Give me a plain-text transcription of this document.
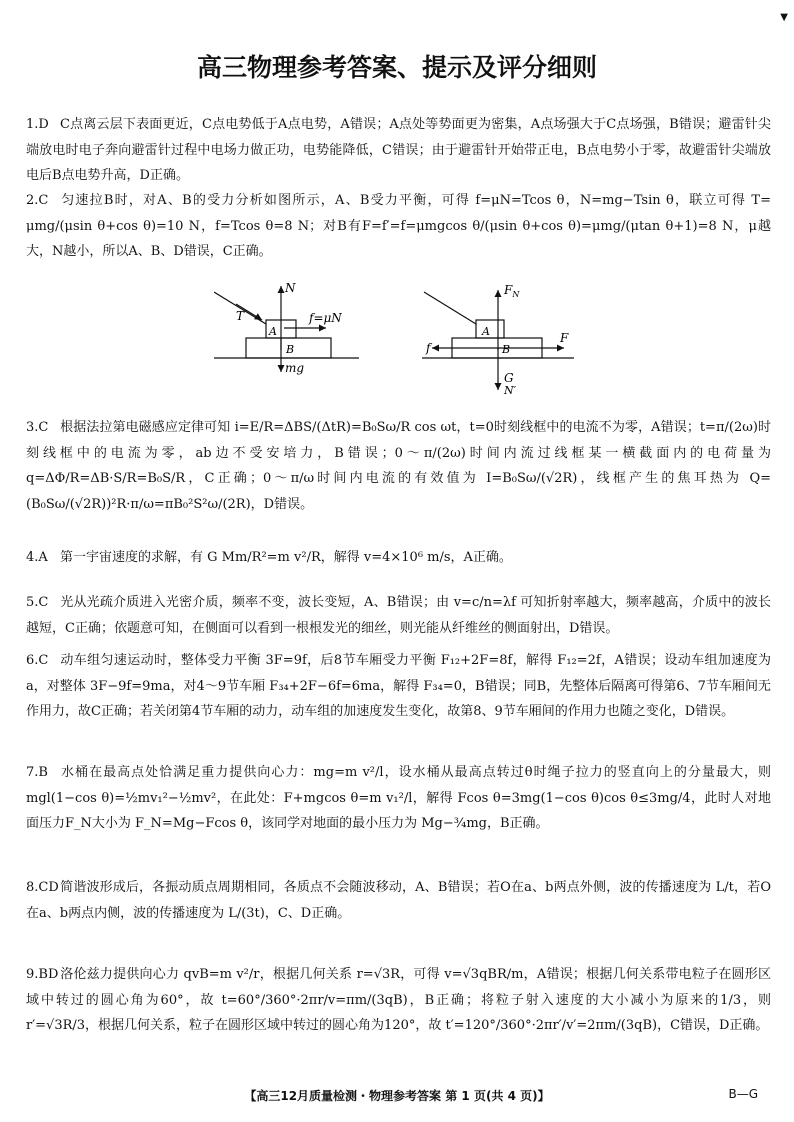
▼
高三物理参考答案、提示及评分细则

1.D C点离云层下表面更近，C点电势低于A点电势，A错误；A点处等势面更为密集，A点场强大于C点场强，B错误；避雷针尖端放电时电子奔向避雷针过程中电场力做正功，电势能降低，C错误；由于避雷针开始带正电，B点电势小于零，故避雷针尖端放电后B点电势升高，D正确。

2.C 匀速拉B时，对A、B的受力分析如图所示，A、B受力平衡，可得 f=μN=Tcos θ，N=mg−Tsin θ，联立可得 T= μmg/(μsin θ+cos θ)=10 N，f=Tcos θ=8 N；对B有F=f′=f=μmgcos θ/(μsin θ+cos θ)=μmg/(μtan θ+1)=8 N，μ越大，N越小，所以A、B、D错误，C正确。

T
N
f=μN
A
B
mg
$F_N$
A
B
f
F
G
N′

3.C 根据法拉第电磁感应定律可知 i=E/R=ΔBS/(ΔtR)=B₀Sω/R cos ωt，t=0时刻线框中的电流不为零，A错误；t=π/(2ω)时刻线框中的电流为零，ab边不受安培力，B错误；0～π/(2ω)时间内流过线框某一横截面内的电荷量为 q=ΔΦ/R=ΔB·S/R=B₀S/R，C正确；0～π/ω时间内电流的有效值为 I=B₀Sω/(√2R)，线框产生的焦耳热为 Q=(B₀Sω/(√2R))²R·π/ω=πB₀²S²ω/(2R)，D错误。

4.A 第一宇宙速度的求解，有 G Mm/R²=m v²/R，解得 v=4×10⁶ m/s，A正确。

5.C 光从光疏介质进入光密介质，频率不变，波长变短，A、B错误；由 v=c/n=λf 可知折射率越大，频率越高，介质中的波长越短，C正确；依题意可知，在侧面可以看到一根根发光的细丝，则光能从纤维丝的侧面射出，D错误。

6.C 动车组匀速运动时，整体受力平衡 3F=9f，后8节车厢受力平衡 F₁₂+2F=8f，解得 F₁₂=2f，A错误；设动车组加速度为a，对整体 3F−9f=9ma，对4～9节车厢 F₃₄+2F−6f=6ma，解得 F₃₄=0，B错误；同B，先整体后隔离可得第6、7节车厢间无作用力，故C正确；若关闭第4节车厢的动力，动车组的加速度发生变化，故第8、9节车厢间的作用力也随之变化，D错误。

7.B 水桶在最高点处恰满足重力提供向心力：mg=m v²/l，设水桶从最高点转过θ时绳子拉力的竖直向上的分量最大，则 mgl(1−cos θ)=½mv₁²−½mv²，在此处：F+mgcos θ=m v₁²/l，解得 Fcos θ=3mg(1−cos θ)cos θ≤3mg/4，此时人对地面压力F_N大小为 F_N=Mg−Fcos θ，该同学对地面的最小压力为 Mg−¾mg，B正确。

8.CD简谐波形成后，各振动质点周期相同，各质点不会随波移动，A、B错误；若O在a、b两点外侧，波的传播速度为 L/t，若O在a、b两点内侧，波的传播速度为 L/(3t)，C、D正确。

9.BD 洛伦兹力提供向心力 qvB=m v²/r，根据几何关系 r=√3R，可得 v=√3qBR/m，A错误；根据几何关系带电粒子在圆形区域中转过的圆心角为60°，故 t=60°/360°·2πr/v=πm/(3qB)，B正确；将粒子射入速度的大小减小为原来的1/3，则 r′=√3R/3，根据几何关系，粒子在圆形区域中转过的圆心角为120°，故 t′=120°/360°·2πr′/v′=2πm/(3qB)，C错误，D正确。

【高三12月质量检测・物理参考答案 第 1 页(共 4 页)】	B—G
